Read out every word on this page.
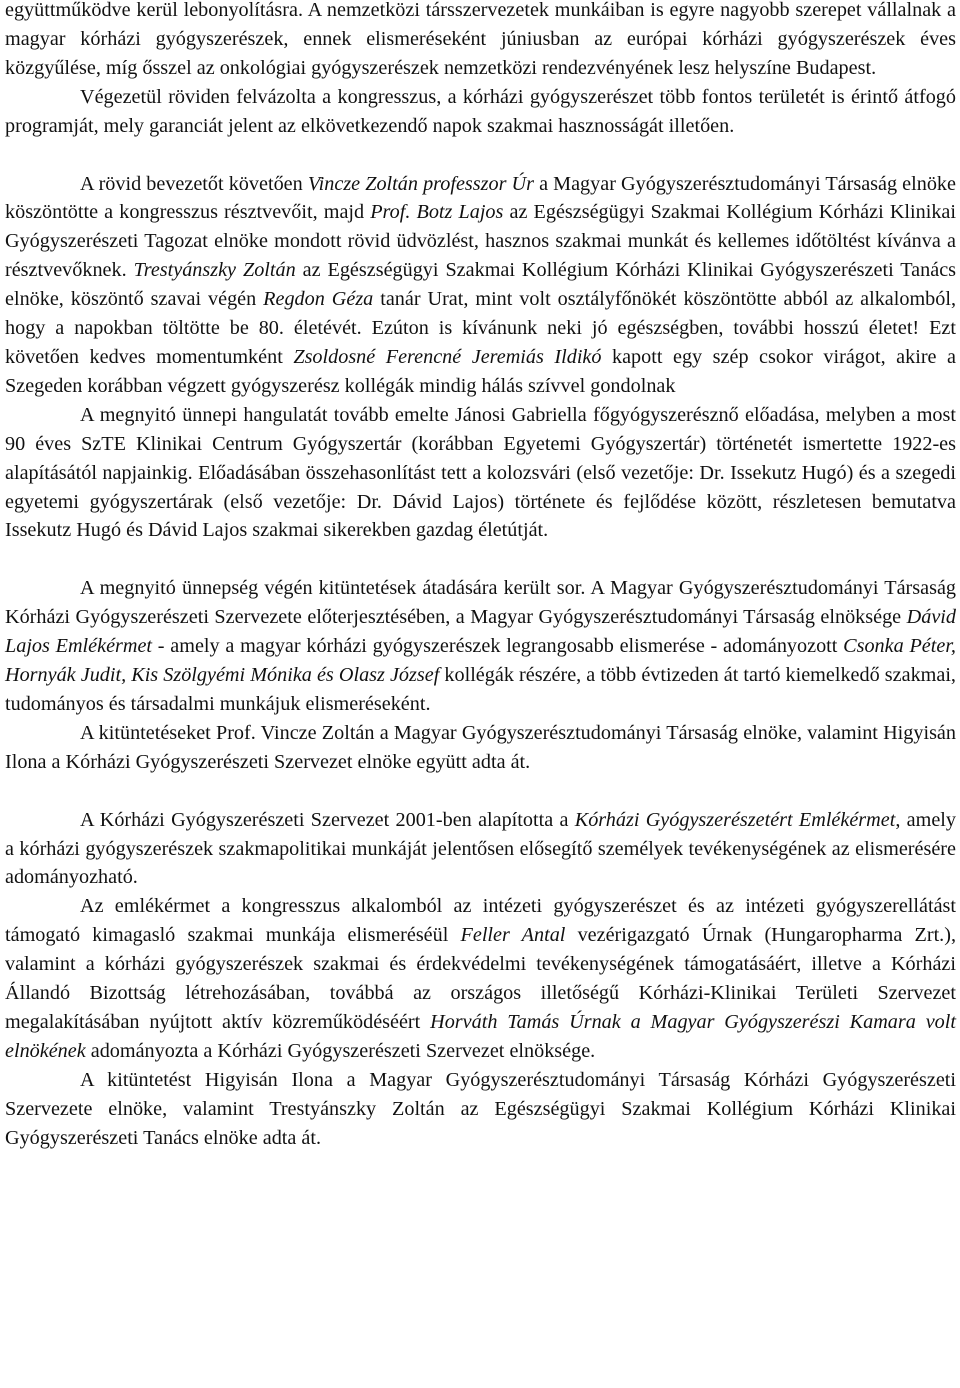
együttműködve kerül lebonyolításra. A nemzetközi társszervezetek munkáiban is egyre nagyobb szerepet vállalnak a magyar kórházi gyógyszerészek, ennek elismeréseként júniusban az európai kórházi gyógyszerészek éves közgyűlése, míg ősszel az onkológiai gyógyszerészek nemzetközi rendezvényének lesz helyszíne Budapest.

Végezetül röviden felvázolta a kongresszus, a kórházi gyógyszerészet több fontos területét is érintő átfogó programját, mely garanciát jelent az elkövetkezendő napok szakmai hasznosságát illetően.

A rövid bevezetőt követően Vincze Zoltán professzor Úr a Magyar Gyógyszerésztudományi Társaság elnöke köszöntötte a kongresszus résztvevőit, majd Prof. Botz Lajos az Egészségügyi Szakmai Kollégium Kórházi Klinikai Gyógyszerészeti Tagozat elnöke mondott rövid üdvözlést, hasznos szakmai munkát és kellemes időtöltést kívánva a résztvevőknek. Trestyánszky Zoltán az Egészségügyi Szakmai Kollégium Kórházi Klinikai Gyógyszerészeti Tanács elnöke, köszöntő szavai végén Regdon Géza tanár Urat, mint volt osztályfőnökét köszöntötte abból az alkalomból, hogy a napokban töltötte be 80. életévét. Ezúton is kívánunk neki jó egészségben, további hosszú életet! Ezt követően kedves momentumként Zsoldosné Ferencné Jeremiás Ildikó kapott egy szép csokor virágot, akire a Szegeden korábban végzett gyógyszerész kollégák mindig hálás szívvel gondolnak

A megnyitó ünnepi hangulatát tovább emelte Jánosi Gabriella főgyógyszerésznő előadása, melyben a most 90 éves SzTE Klinikai Centrum Gyógyszertár (korábban Egyetemi Gyógyszertár) történetét ismertette 1922-es alapításától napjainkig. Előadásában összehasonlítást tett a kolozsvári (első vezetője: Dr. Issekutz Hugó) és a szegedi egyetemi gyógyszertárak (első vezetője: Dr. Dávid Lajos) története és fejlődése között, részletesen bemutatva Issekutz Hugó és Dávid Lajos szakmai sikerekben gazdag életútját.

A megnyitó ünnepség végén kitüntetések átadására került sor. A Magyar Gyógyszerésztudományi Társaság Kórházi Gyógyszerészeti Szervezete előterjesztésében, a Magyar Gyógyszerésztudományi Társaság elnöksége Dávid Lajos Emlékérmet - amely a magyar kórházi gyógyszerészek legrangosabb elismerése - adományozott Csonka Péter, Hornyák Judit, Kis Szölgyémi Mónika és Olasz József kollégák részére, a több évtizeden át tartó kiemelkedő szakmai, tudományos és társadalmi munkájuk elismeréseként.

A kitüntetéseket Prof. Vincze Zoltán a Magyar Gyógyszerésztudományi Társaság elnöke, valamint Higyisán Ilona a Kórházi Gyógyszerészeti Szervezet elnöke együtt adta át.

A Kórházi Gyógyszerészeti Szervezet 2001-ben alapította a Kórházi Gyógyszerészetért Emlékérmet, amely a kórházi gyógyszerészek szakmapolitikai munkáját jelentősen elősegítő személyek tevékenységének az elismerésére adományozható.

Az emlékérmet a kongresszus alkalomból az intézeti gyógyszerészet és az intézeti gyógyszerellátást támogató kimagasló szakmai munkája elismeréséül Feller Antal vezérigazgató Úrnak (Hungaropharma Zrt.), valamint a kórházi gyógyszerészek szakmai és érdekvédelmi tevékenységének támogatásáért, illetve a Kórházi Állandó Bizottság létrehozásában, továbbá az országos illetőségű Kórházi-Klinikai Területi Szervezet megalakításában nyújtott aktív közreműködéséért Horváth Tamás Úrnak a Magyar Gyógyszerészi Kamara volt elnökének adományozta a Kórházi Gyógyszerészeti Szervezet elnöksége.

A kitüntetést Higyisán Ilona a Magyar Gyógyszerésztudományi Társaság Kórházi Gyógyszerészeti Szervezete elnöke, valamint Trestyánszky Zoltán az Egészségügyi Szakmai Kollégium Kórházi Klinikai Gyógyszerészeti Tanács elnöke adta át.
